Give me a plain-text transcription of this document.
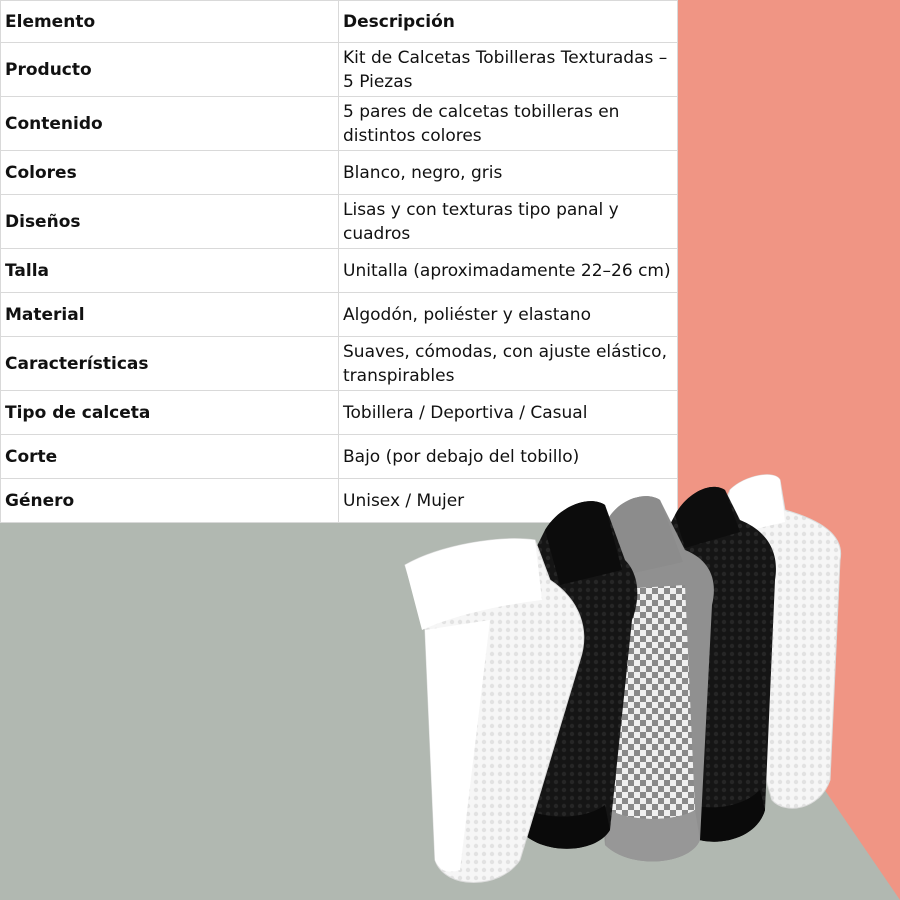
Elemento	Descripción
Producto	Kit de Calcetas Tobilleras Texturadas – 5 Piezas
Contenido	5 pares de calcetas tobilleras en distintos colores
Colores	Blanco, negro, gris
Diseños	Lisas y con texturas tipo panal y cuadros
Talla	Unitalla (aproximadamente 22–26 cm)
Material	Algodón, poliéster y elastano
Características	Suaves, cómodas, con ajuste elástico, transpirables
Tipo de calceta	Tobillera / Deportiva / Casual
Corte	Bajo (por debajo del tobillo)
Género	Unisex / Mujer
